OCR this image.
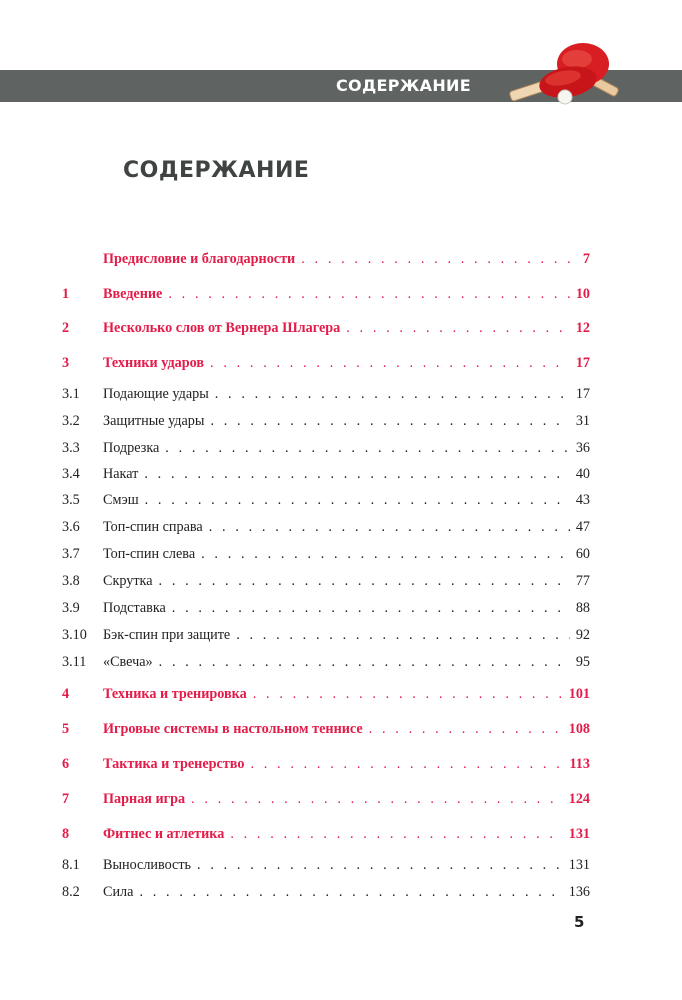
СОДЕРЖАНИЕ
СОДЕРЖАНИЕ
Предисловие и благодарности . . .	7
1	Введение . . .	10
2	Несколько слов от Вернера Шлагера . . .	12
3	Техники ударов . . .	17
3.1	Подающие удары . . .	17
3.2	Защитные удары . . .	31
3.3	Подрезка . . .	36
3.4	Накат . . .	40
3.5	Смэш . . .	43
3.6	Топ-спин справа . . .	47
3.7	Топ-спин слева . . .	60
3.8	Скрутка . . .	77
3.9	Подставка . . .	88
3.10	Бэк-спин при защите . . .	92
3.11	«Свеча» . . .	95
4	Техника и тренировка . . .	101
5	Игровые системы в настольном теннисе . . .	108
6	Тактика и тренерство . . .	113
7	Парная игра . . .	124
8	Фитнес и атлетика . . .	131
8.1	Выносливость . . .	131
8.2	Сила . . .	136
5
